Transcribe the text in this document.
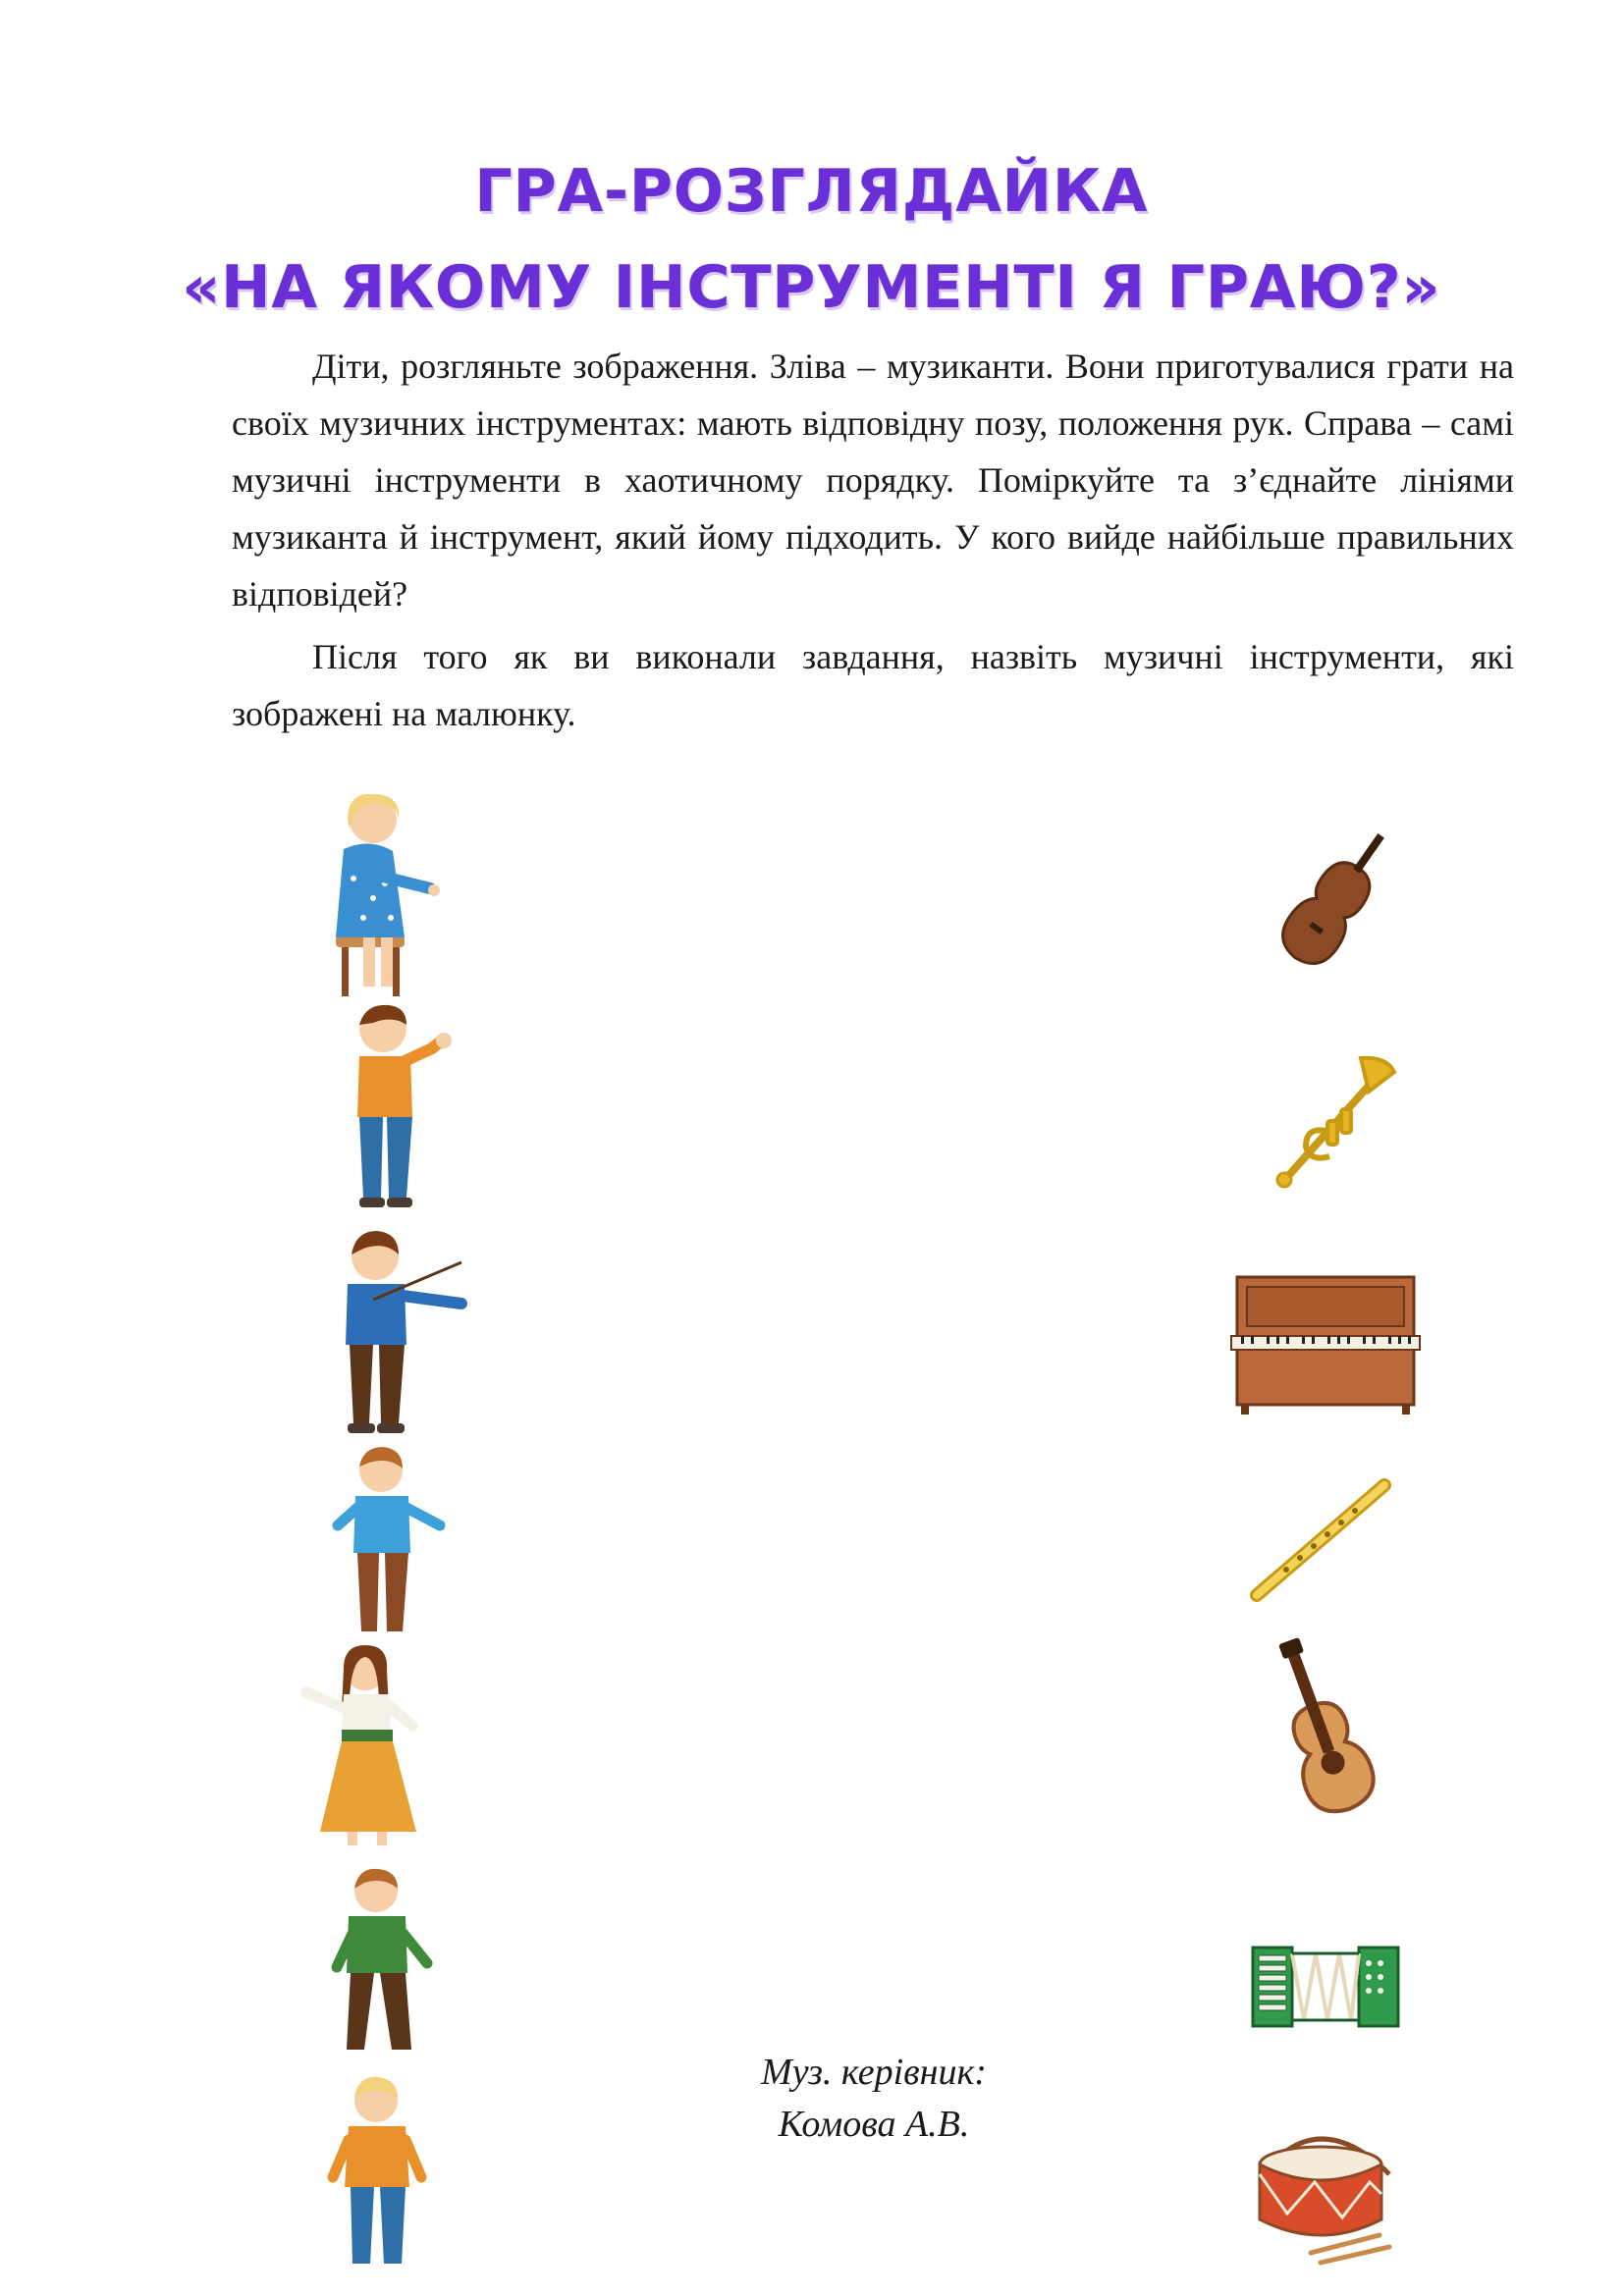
ГРА-РОЗГЛЯДАЙКА
«НА ЯКОМУ ІНСТРУМЕНТІ Я ГРАЮ?»
Діти, розгляньте зображення. Зліва – музиканти. Вони приготувалися грати на своїх музичних інструментах: мають відповідну позу, положення рук. Справа – самі музичні інструменти в хаотичному порядку. Поміркуйте та з’єднайте лініями музиканта й інструмент, який йому підходить. У кого вийде найбільше правильних відповідей?
Після того як ви виконали завдання, назвіть музичні інструменти, які зображені на малюнку.
Муз. керівник:
Комова А.В.
